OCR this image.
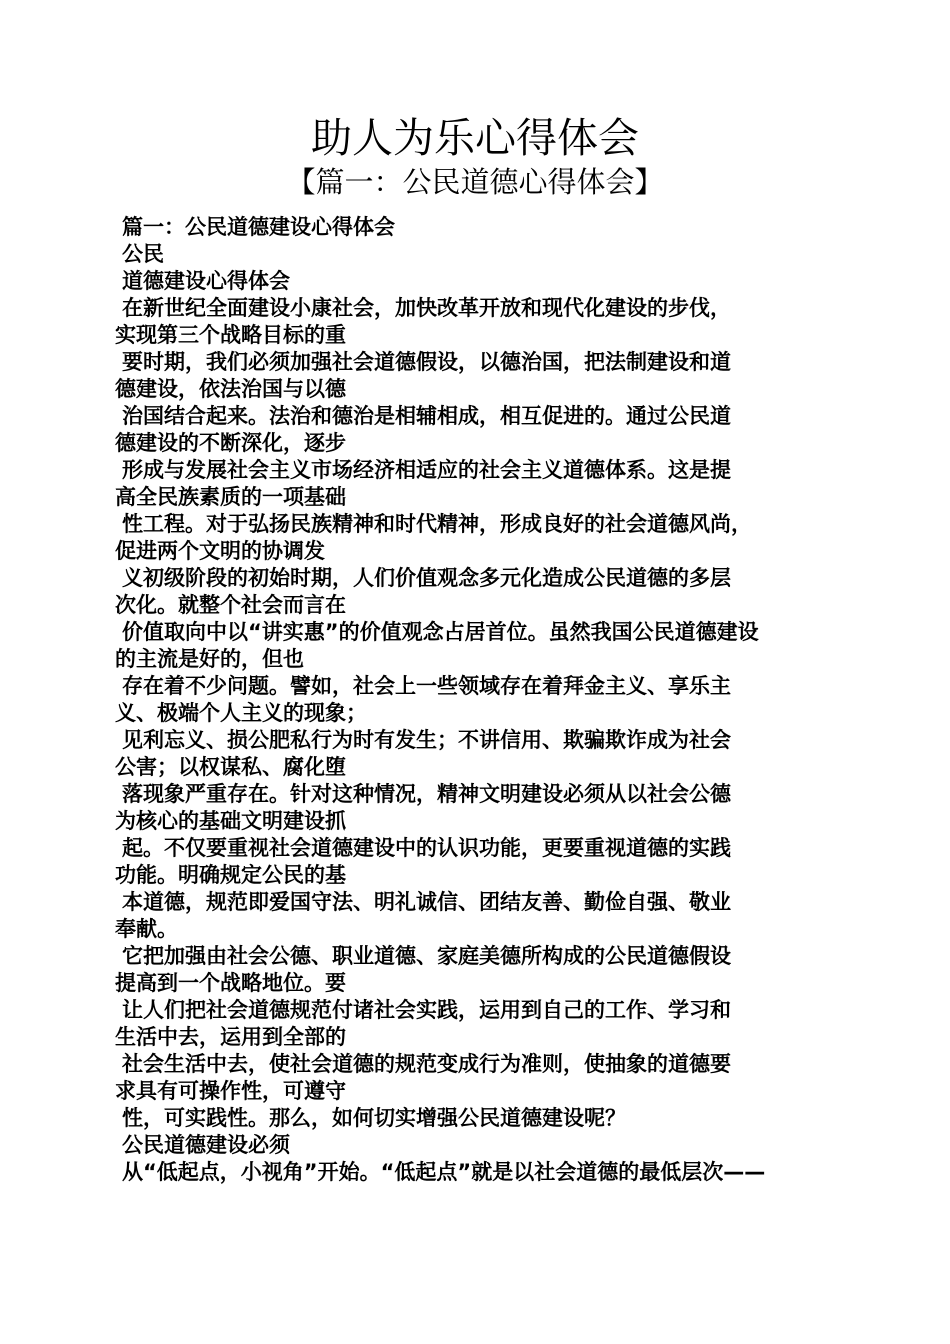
助人为乐心得体会
【篇一：公民道德心得体会】
篇一：公民道德建设心得体会
公民
道德建设心得体会
在新世纪全面建设小康社会，加快改革开放和现代化建设的步伐，
实现第三个战略目标的重
要时期，我们必须加强社会道德假设，以德治国，把法制建设和道
德建设，依法治国与以德
治国结合起来。法治和德治是相辅相成，相互促进的。通过公民道
德建设的不断深化，逐步
形成与发展社会主义市场经济相适应的社会主义道德体系。这是提
高全民族素质的一项基础
性工程。对于弘扬民族精神和时代精神，形成良好的社会道德风尚，
促进两个文明的协调发
义初级阶段的初始时期，人们价值观念多元化造成公民道德的多层
次化。就整个社会而言在
价值取向中以“讲实惠”的价值观念占居首位。虽然我国公民道德建设
的主流是好的，但也
存在着不少问题。譬如，社会上一些领域存在着拜金主义、享乐主
义、极端个人主义的现象；
见利忘义、损公肥私行为时有发生；不讲信用、欺骗欺诈成为社会
公害；以权谋私、腐化堕
落现象严重存在。针对这种情况，精神文明建设必须从以社会公德
为核心的基础文明建设抓
起。不仅要重视社会道德建设中的认识功能，更要重视道德的实践
功能。明确规定公民的基
本道德，规范即爱国守法、明礼诚信、团结友善、勤俭自强、敬业
奉献。
它把加强由社会公德、职业道德、家庭美德所构成的公民道德假设
提高到一个战略地位。要
让人们把社会道德规范付诸社会实践，运用到自己的工作、学习和
生活中去，运用到全部的
社会生活中去，使社会道德的规范变成行为准则，使抽象的道德要
求具有可操作性，可遵守
性，可实践性。那么，如何切实增强公民道德建设呢？
公民道德建设必须
从“低起点，小视角”开始。“低起点”就是以社会道德的最低层次——
